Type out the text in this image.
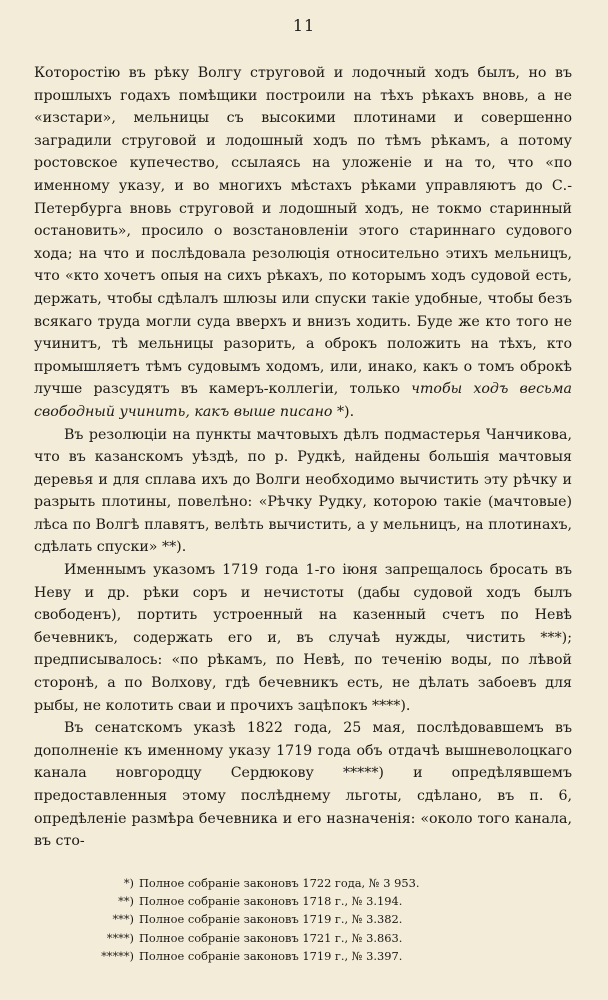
11

Которостію въ рѣку Волгу струговой и лодочный ходъ былъ, но въ прошлыхъ годахъ помѣщики построили на тѣхъ рѣкахъ вновь, а не «изстари», мельницы съ высокими плотинами и совершенно заградили струговой и лодошный ходъ по тѣмъ рѣкамъ, а потому ростовское купечество, ссылаясь на уложеніе и на то, что «по именному указу, и во многихъ мѣстахъ рѣками управляютъ до С.-Петербурга вновь струговой и лодошный ходъ, не токмо старинный остановить», просило о возстановленіи этого стариннаго судового хода; на что и послѣдовала резолюція относительно этихъ мельницъ, что «кто хочетъ опыя на сихъ рѣкахъ, по которымъ ходъ судовой есть, держать, чтобы сдѣлалъ шлюзы или спуски такіе удобные, чтобы безъ всякаго труда могли суда вверхъ и внизъ ходить. Буде же кто того не учинитъ, тѣ мельницы разорить, а оброкъ положить на тѣхъ, кто промышляетъ тѣмъ судовымъ ходомъ, или, инако, какъ о томъ оброкѣ лучше разсудятъ въ камеръ-коллегіи, только чтобы ходъ весьма свободный учинить, какъ выше писано *).

Въ резолюціи на пункты мачтовыхъ дѣлъ подмастерья Чанчикова, что въ казанскомъ уѣздѣ, по р. Рудкѣ, найдены большія мачтовыя деревья и для сплава ихъ до Волги необходимо вычистить эту рѣчку и разрыть плотины, повелѣно: «Рѣчку Рудку, которою такіе (мачтовые) лѣса по Волгѣ плавятъ, велѣть вычистить, а у мельницъ, на плотинахъ, сдѣлать спуски» **).

Именнымъ указомъ 1719 года 1-го іюня запрещалось бросать въ Неву и др. рѣки соръ и нечистоты (дабы судовой ходъ былъ свободенъ), портить устроенный на казенный счетъ по Невѣ бечевникъ, содержать его и, въ случаѣ нужды, чистить ***); предписывалось: «по рѣкамъ, по Невѣ, по теченію воды, по лѣвой сторонѣ, а по Волхову, гдѣ бечевникъ есть, не дѣлать забоевъ для рыбы, не колотить сваи и прочихъ зацѣпокъ ****).

Въ сенатскомъ указѣ 1822 года, 25 мая, послѣдовавшемъ въ дополненіе къ именному указу 1719 года объ отдачѣ вышневолоцкаго канала новгородцу Сердюкову *****) и опредѣлявшемъ предоставленныя этому послѣднему льготы, сдѣлано, въ п. 6, опредѣленіе размѣра бечевника и его назначенія: «около того канала, въ сто-

*) Полное собраніе законовъ 1722 года, № 3 953.
**) Полное собраніе законовъ 1718 г., № 3.194.
***) Полное собраніе законовъ 1719 г., № 3.382.
****) Полное собраніе законовъ 1721 г., № 3.863.
*****) Полное собраніе законовъ 1719 г., № 3.397.
